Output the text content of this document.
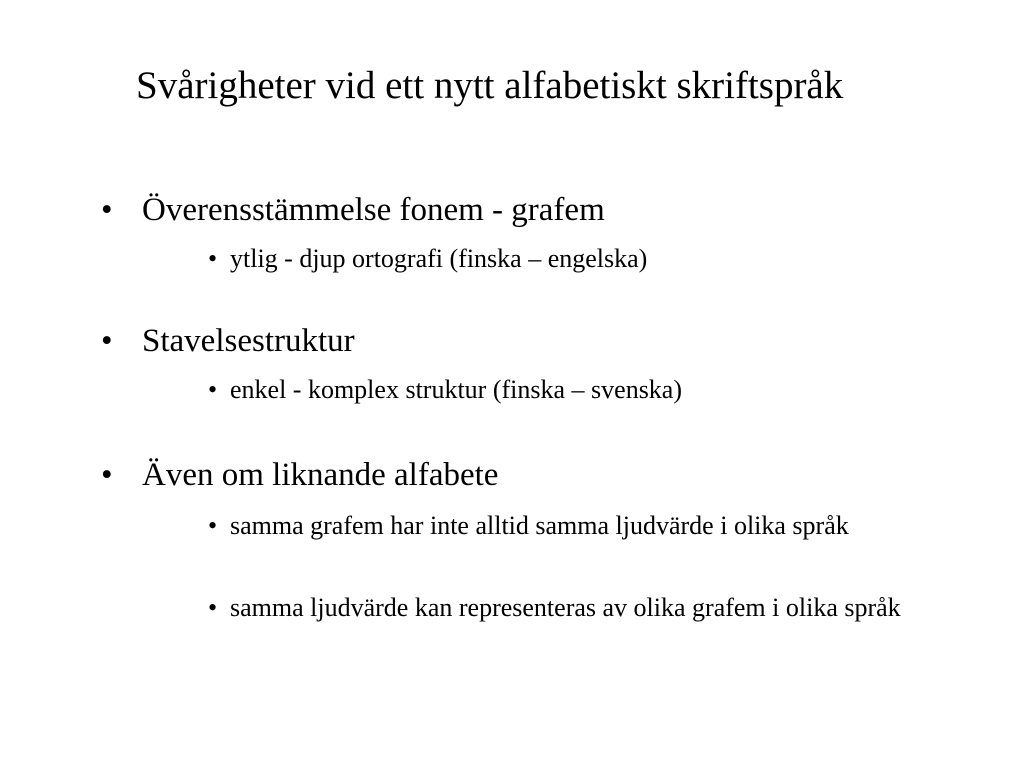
Svårigheter vid ett nytt alfabetiskt skriftspråk
• Överensstämmelse fonem - grafem
• ytlig - djup ortografi (finska – engelska)
• Stavelsestruktur
• enkel - komplex struktur (finska – svenska)
• Även om liknande alfabete
• samma grafem har inte alltid samma ljudvärde i olika språk
• samma ljudvärde kan representeras av olika grafem i olika språk
